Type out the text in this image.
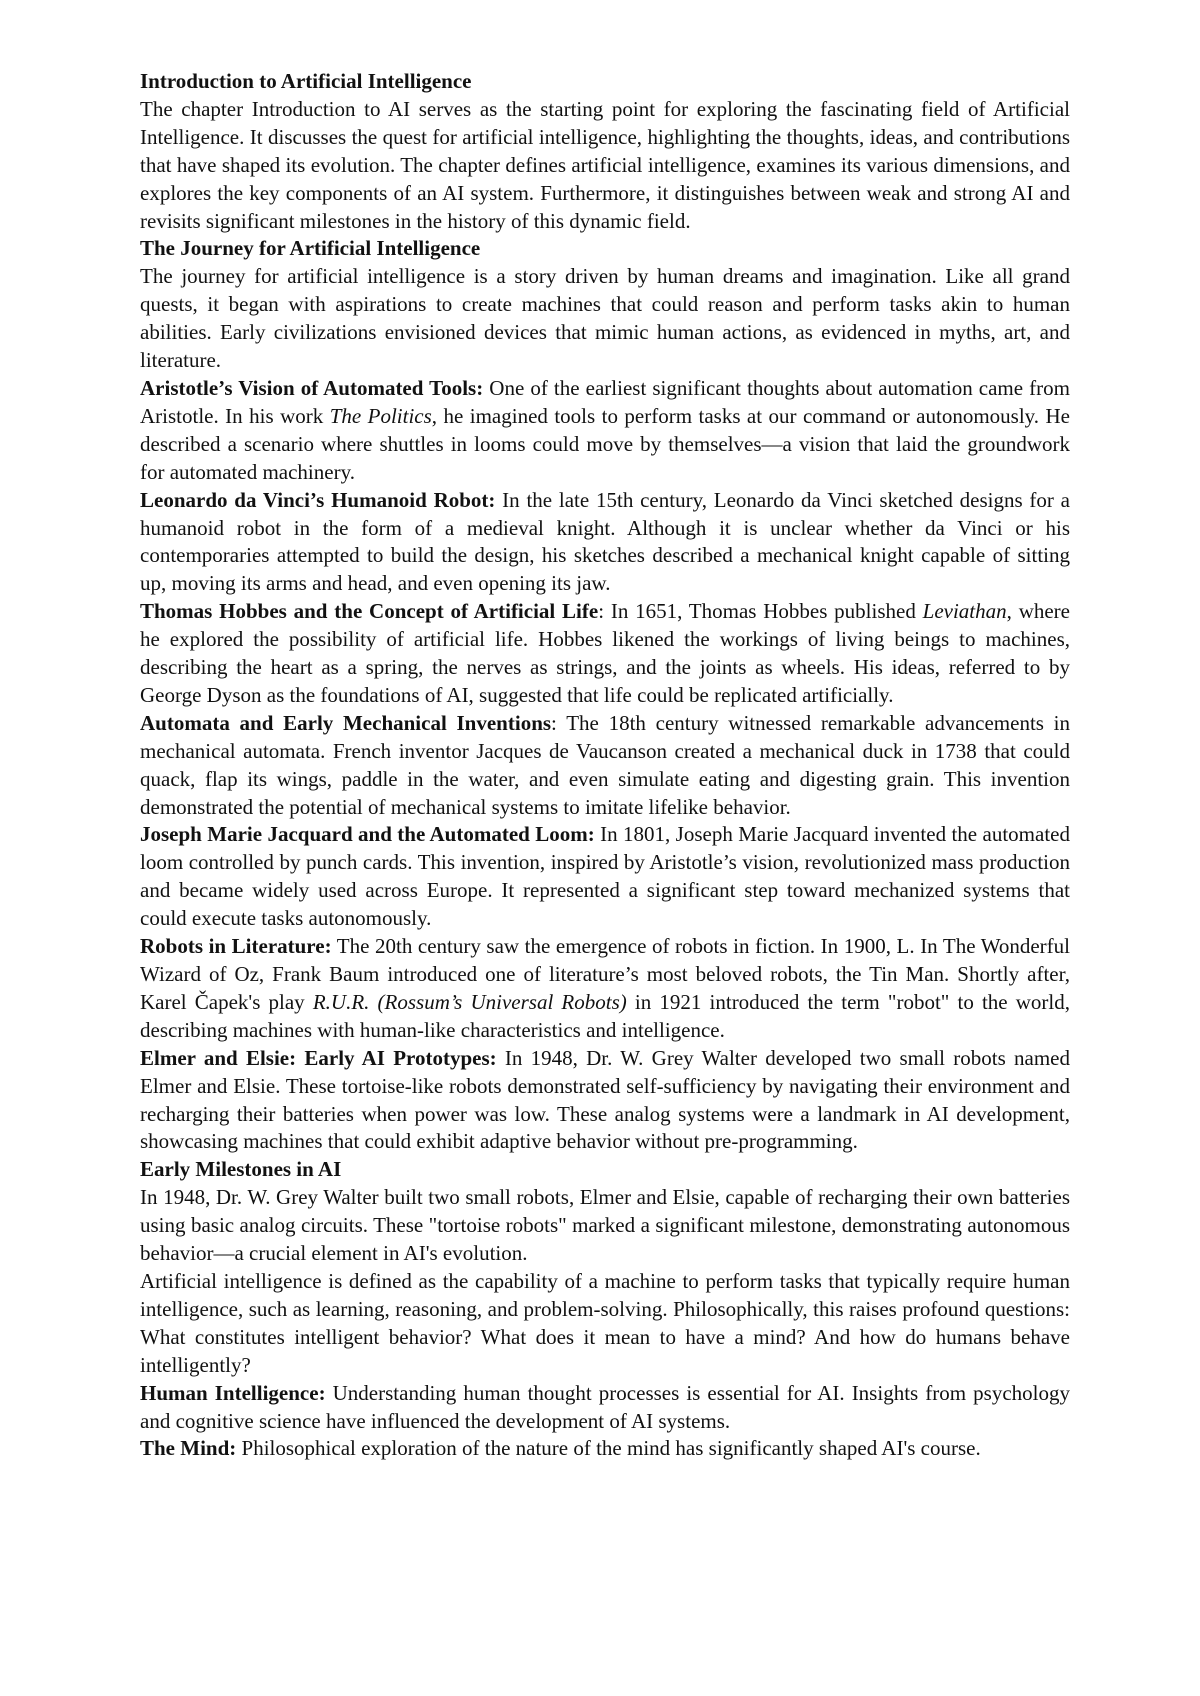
Introduction to Artificial Intelligence

The chapter Introduction to AI serves as the starting point for exploring the fascinating field of Artificial Intelligence. It discusses the quest for artificial intelligence, highlighting the thoughts, ideas, and contributions that have shaped its evolution. The chapter defines artificial intelligence, examines its various dimensions, and explores the key components of an AI system. Furthermore, it distinguishes between weak and strong AI and revisits significant milestones in the history of this dynamic field.

The Journey for Artificial Intelligence

The journey for artificial intelligence is a story driven by human dreams and imagination. Like all grand quests, it began with aspirations to create machines that could reason and perform tasks akin to human abilities. Early civilizations envisioned devices that mimic human actions, as evidenced in myths, art, and literature.

Aristotle’s Vision of Automated Tools: One of the earliest significant thoughts about automation came from Aristotle. In his work The Politics, he imagined tools to perform tasks at our command or autonomously. He described a scenario where shuttles in looms could move by themselves—a vision that laid the groundwork for automated machinery.

Leonardo da Vinci’s Humanoid Robot: In the late 15th century, Leonardo da Vinci sketched designs for a humanoid robot in the form of a medieval knight. Although it is unclear whether da Vinci or his contemporaries attempted to build the design, his sketches described a mechanical knight capable of sitting up, moving its arms and head, and even opening its jaw.

Thomas Hobbes and the Concept of Artificial Life: In 1651, Thomas Hobbes published Leviathan, where he explored the possibility of artificial life. Hobbes likened the workings of living beings to machines, describing the heart as a spring, the nerves as strings, and the joints as wheels. His ideas, referred to by George Dyson as the foundations of AI, suggested that life could be replicated artificially.

Automata and Early Mechanical Inventions: The 18th century witnessed remarkable advancements in mechanical automata. French inventor Jacques de Vaucanson created a mechanical duck in 1738 that could quack, flap its wings, paddle in the water, and even simulate eating and digesting grain. This invention demonstrated the potential of mechanical systems to imitate lifelike behavior.

Joseph Marie Jacquard and the Automated Loom: In 1801, Joseph Marie Jacquard invented the automated loom controlled by punch cards. This invention, inspired by Aristotle’s vision, revolutionized mass production and became widely used across Europe. It represented a significant step toward mechanized systems that could execute tasks autonomously.

Robots in Literature: The 20th century saw the emergence of robots in fiction. In 1900, L. In The Wonderful Wizard of Oz, Frank Baum introduced one of literature’s most beloved robots, the Tin Man. Shortly after, Karel Čapek's play R.U.R. (Rossum’s Universal Robots) in 1921 introduced the term "robot" to the world, describing machines with human-like characteristics and intelligence.

Elmer and Elsie: Early AI Prototypes: In 1948, Dr. W. Grey Walter developed two small robots named Elmer and Elsie. These tortoise-like robots demonstrated self-sufficiency by navigating their environment and recharging their batteries when power was low. These analog systems were a landmark in AI development, showcasing machines that could exhibit adaptive behavior without pre-programming.

Early Milestones in AI

In 1948, Dr. W. Grey Walter built two small robots, Elmer and Elsie, capable of recharging their own batteries using basic analog circuits. These "tortoise robots" marked a significant milestone, demonstrating autonomous behavior—a crucial element in AI's evolution.

Artificial intelligence is defined as the capability of a machine to perform tasks that typically require human intelligence, such as learning, reasoning, and problem-solving. Philosophically, this raises profound questions: What constitutes intelligent behavior? What does it mean to have a mind? And how do humans behave intelligently?

Human Intelligence: Understanding human thought processes is essential for AI. Insights from psychology and cognitive science have influenced the development of AI systems.

The Mind: Philosophical exploration of the nature of the mind has significantly shaped AI's course.
